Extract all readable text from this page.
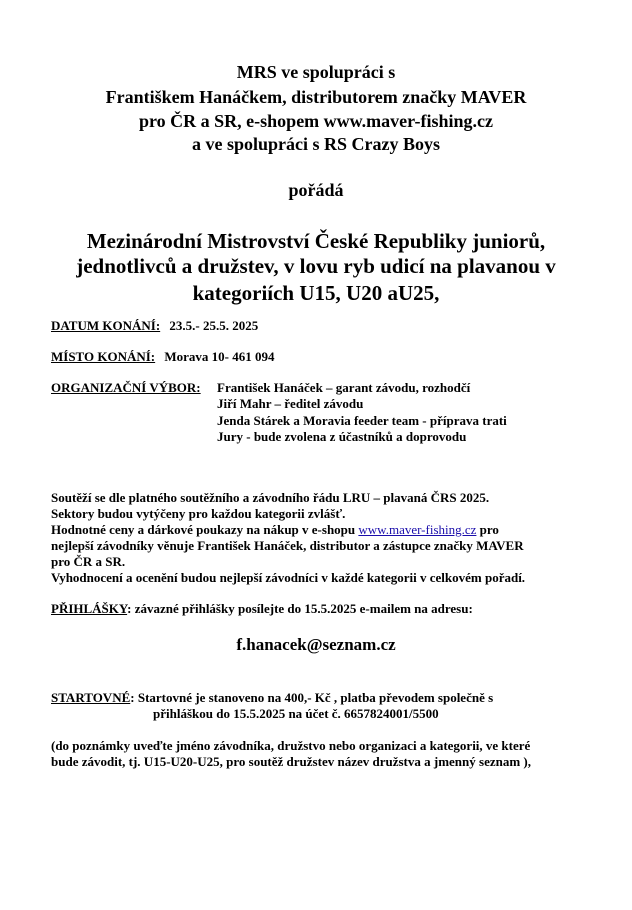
MRS ve spolupráci s
Františkem Hanáčkem, distributorem značky MAVER
pro ČR a SR, e-shopem www.maver-fishing.cz
a ve spolupráci s RS Crazy Boys
pořádá
Mezinárodní Mistrovství České Republiky juniorů,
jednotlivců a družstev, v lovu ryb udicí na plavanou v
kategoriích U15, U20 aU25,
DATUM KONÁNÍ: 23.5.- 25.5. 2025
MÍSTO KONÁNÍ: Morava 10- 461 094
ORGANIZAČNÍ VÝBOR: František Hanáček – garant závodu, rozhodčí
Jiří Mahr – ředitel závodu
Jenda Stárek a Moravia feeder team - příprava trati
Jury - bude zvolena z účastníků a doprovodu
Soutěží se dle platného soutěžního a závodního řádu LRU – plavaná ČRS 2025.
Sektory budou vytýčeny pro každou kategorii zvlášť.
Hodnotné ceny a dárkové poukazy na nákup v e-shopu www.maver-fishing.cz pro
nejlepší závodníky věnuje František Hanáček, distributor a zástupce značky MAVER
pro ČR a SR.
Vyhodnocení a ocenění budou nejlepší závodníci v každé kategorii v celkovém pořadí.
PŘIHLÁŠKY: závazné přihlášky posílejte do 15.5.2025 e-mailem na adresu:
f.hanacek@seznam.cz
STARTOVNÉ: Startovné je stanoveno na 400,- Kč , platba převodem společně s
přihláškou do 15.5.2025 na účet č. 6657824001/5500
(do poznámky uveďte jméno závodníka, družstvo nebo organizaci a kategorii, ve které
bude závodit, tj. U15-U20-U25, pro soutěž družstev název družstva a jmenný seznam ),
